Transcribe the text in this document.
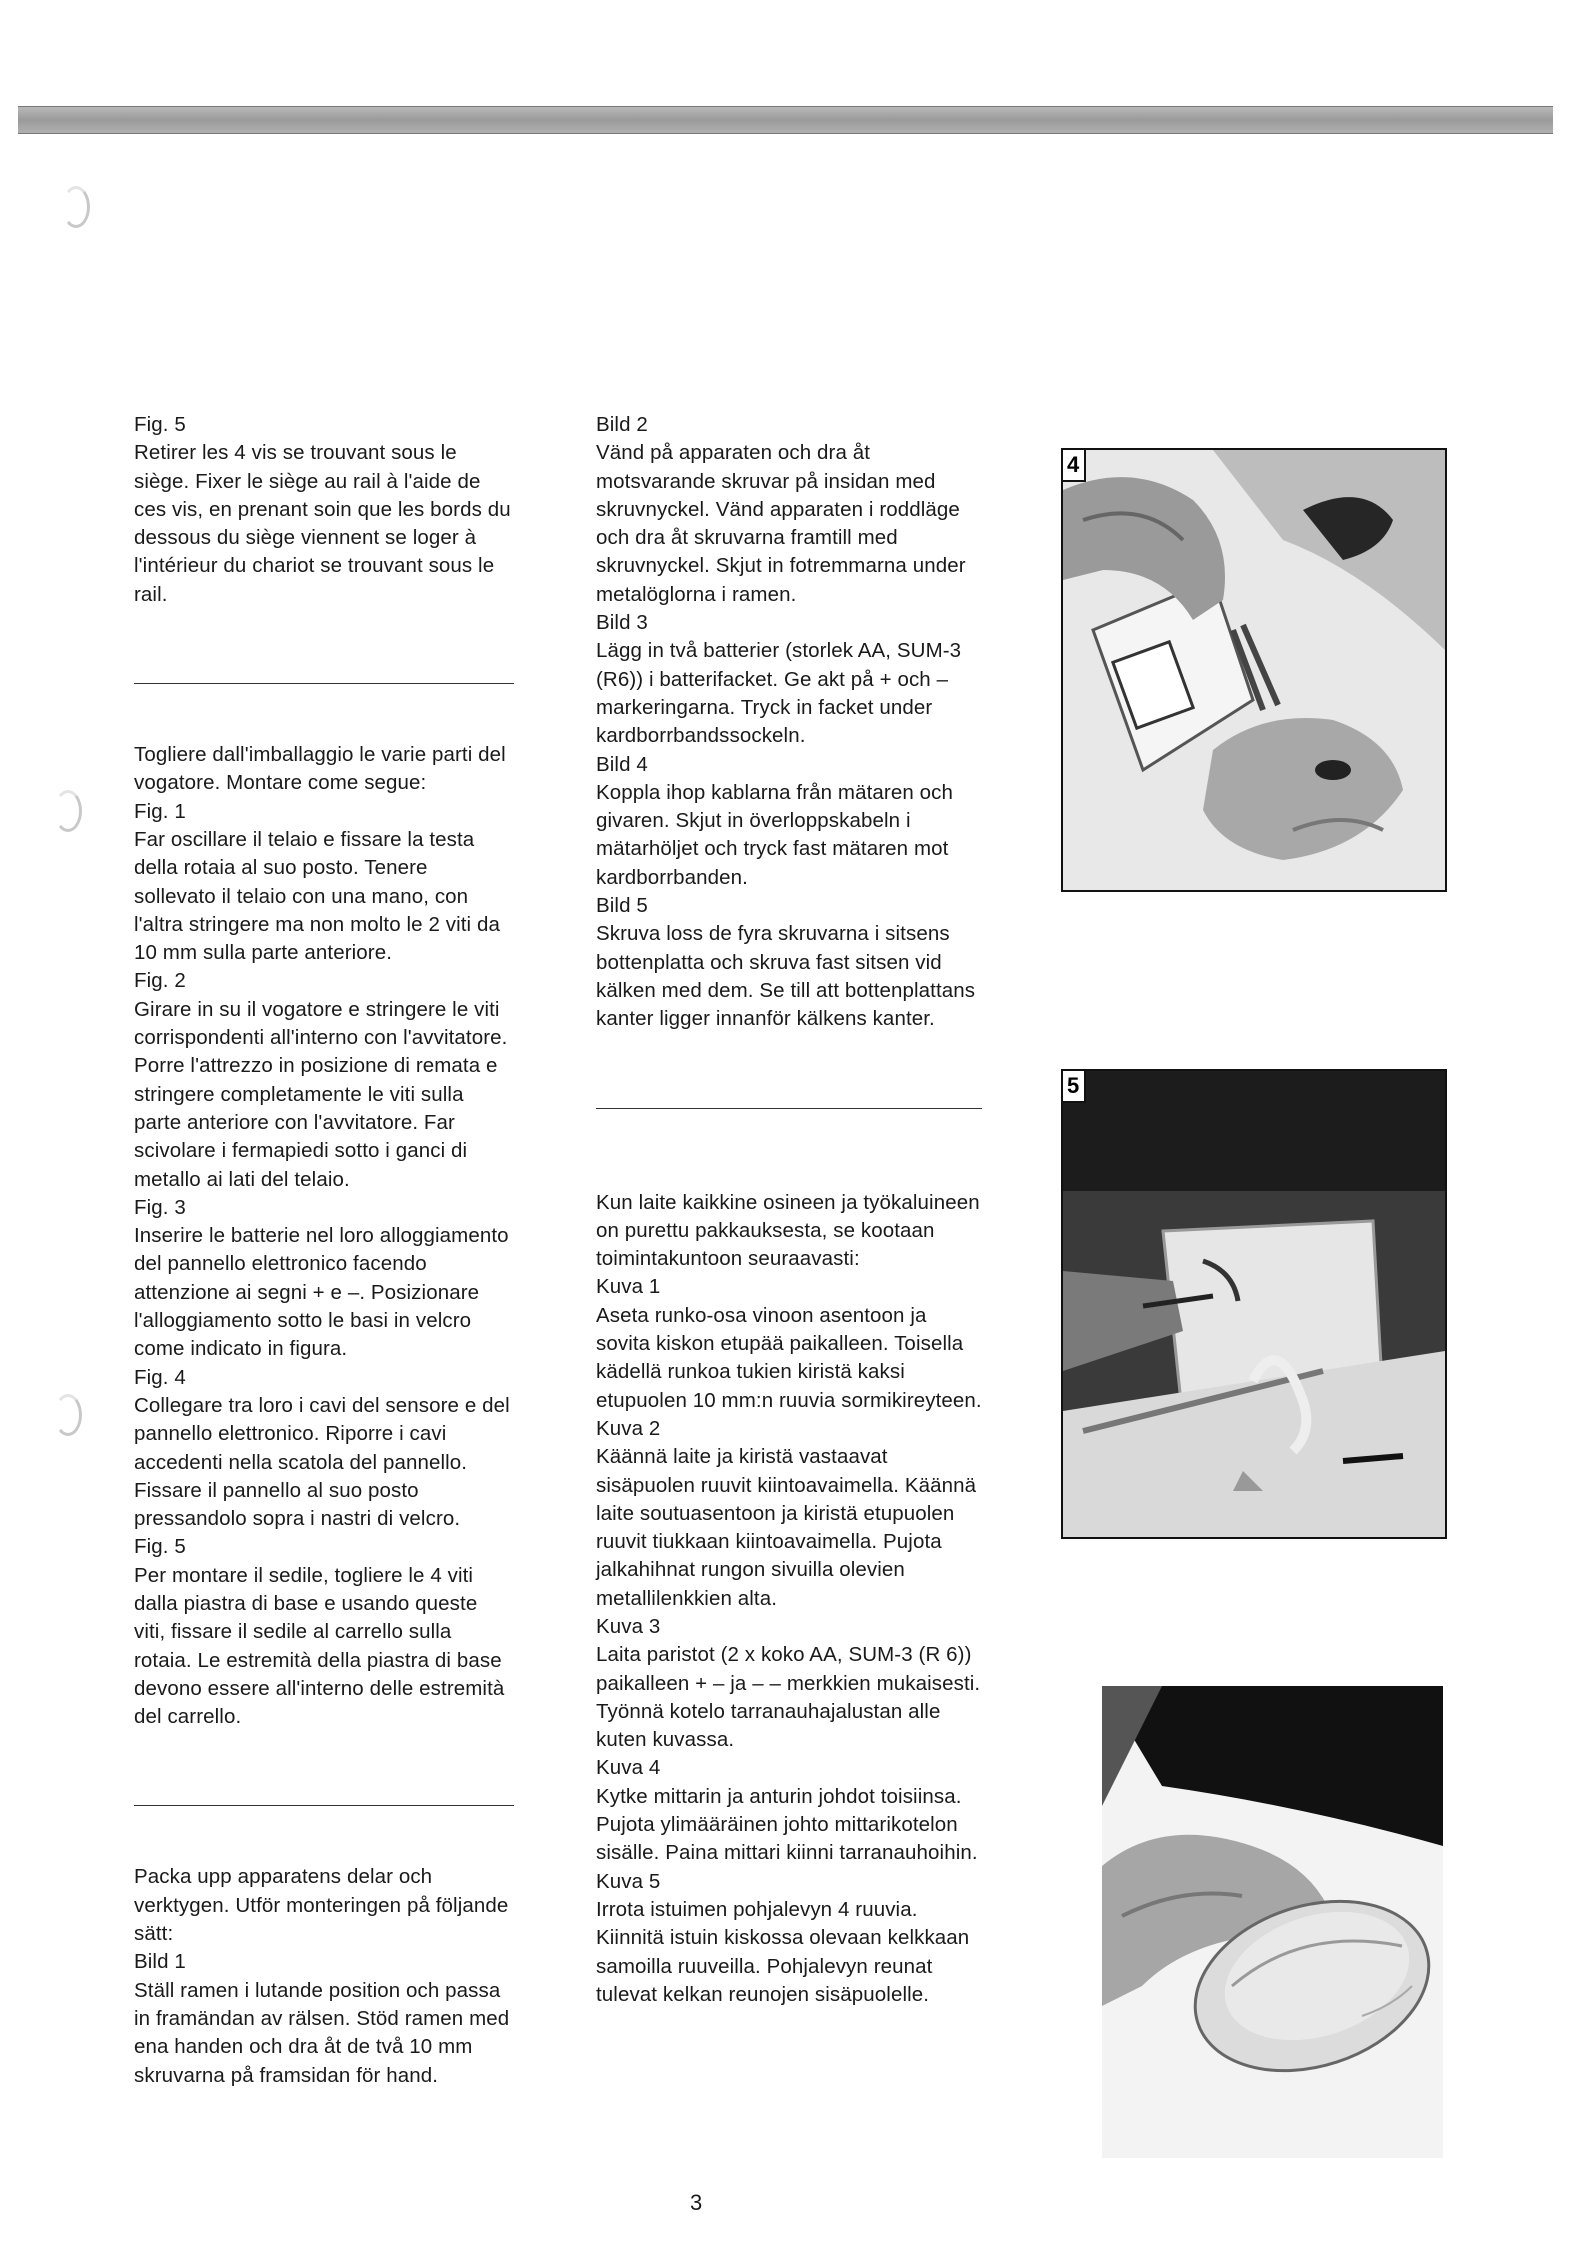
Fig. 5

Retirer les 4 vis se trouvant sous le siège. Fixer le siège au rail à l'aide de ces vis, en prenant soin que les bords du dessous du siège viennent se loger à l'intérieur du chariot se trouvant sous le rail.

Togliere dall'imballaggio le varie parti del vogatore. Montare come segue:

Fig. 1

Far oscillare il telaio e fissare la testa della rotaia al suo posto. Tenere sollevato il telaio con una mano, con l'altra stringere ma non molto le 2 viti da 10 mm sulla parte anteriore.

Fig. 2

Girare in su il vogatore e stringere le viti corrispondenti all'interno con l'avvitatore. Porre l'attrezzo in posizione di remata e stringere completamente le viti sulla parte anteriore con l'avvitatore. Far scivolare i fermapiedi sotto i ganci di metallo ai lati del telaio.

Fig. 3

Inserire le batterie nel loro alloggiamento del pannello elettronico facendo attenzione ai segni + e –. Posizionare l'alloggiamento sotto le basi in velcro come indicato in figura.

Fig. 4

Collegare tra loro i cavi del sensore e del pannello elettronico. Riporre i cavi accedenti nella scatola del pannello. Fissare il pannello al suo posto pressandolo sopra i nastri di velcro.

Fig. 5

Per montare il sedile, togliere le 4 viti dalla piastra di base e usando queste viti, fissare il sedile al carrello sulla rotaia. Le estremità della piastra di base devono essere all'interno delle estremità del carrello.

Packa upp apparatens delar och verktygen. Utför monteringen på följande sätt:

Bild 1

Ställ ramen i lutande position och passa in framändan av rälsen. Stöd ramen med ena handen och dra åt de två 10 mm skruvarna på framsidan för hand.

Bild 2

Vänd på apparaten och dra åt motsvarande skruvar på insidan med skruvnyckel. Vänd apparaten i roddläge och dra åt skruvarna framtill med skruvnyckel. Skjut in fotremmarna under metalöglorna i ramen.

Bild 3

Lägg in två batterier (storlek AA, SUM-3 (R6)) i batterifacket. Ge akt på + och – markeringarna. Tryck in facket under kardborrbandssockeln.

Bild 4

Koppla ihop kablarna från mätaren och givaren. Skjut in överloppskabeln i mätarhöljet och tryck fast mätaren mot kardborrbanden.

Bild 5

Skruva loss de fyra skruvarna i sitsens bottenplatta och skruva fast sitsen vid kälken med dem. Se till att bottenplattans kanter ligger innanför kälkens kanter.

Kun laite kaikkine osineen ja työkaluineen on purettu pakkauksesta, se kootaan toimintakuntoon seuraavasti:

Kuva 1

Aseta runko-osa vinoon asentoon ja sovita kiskon etupää paikalleen. Toisella kädellä runkoa tukien kiristä kaksi etupuolen 10 mm:n ruuvia sormikireyteen.

Kuva 2

Käännä laite ja kiristä vastaavat sisäpuolen ruuvit kiintoavaimella. Käännä laite soutuasentoon ja kiristä etupuolen ruuvit tiukkaan kiintoavaimella. Pujota jalkahihnat rungon sivuilla olevien metallilenkkien alta.

Kuva 3

Laita paristot (2 x koko AA, SUM-3 (R 6)) paikalleen + – ja – – merkkien mukaisesti. Työnnä kotelo tarranauhajalustan alle kuten kuvassa.

Kuva 4

Kytke mittarin ja anturin johdot toisiinsa. Pujota ylimääräinen johto mittarikotelon sisälle. Paina mittari kiinni tarranauhoihin.

Kuva 5

Irrota istuimen pohjalevyn 4 ruuvia. Kiinnitä istuin kiskossa olevaan kelkkaan samoilla ruuveilla. Pohjalevyn reunat tulevat kelkan reunojen sisäpuolelle.

4
5
3
